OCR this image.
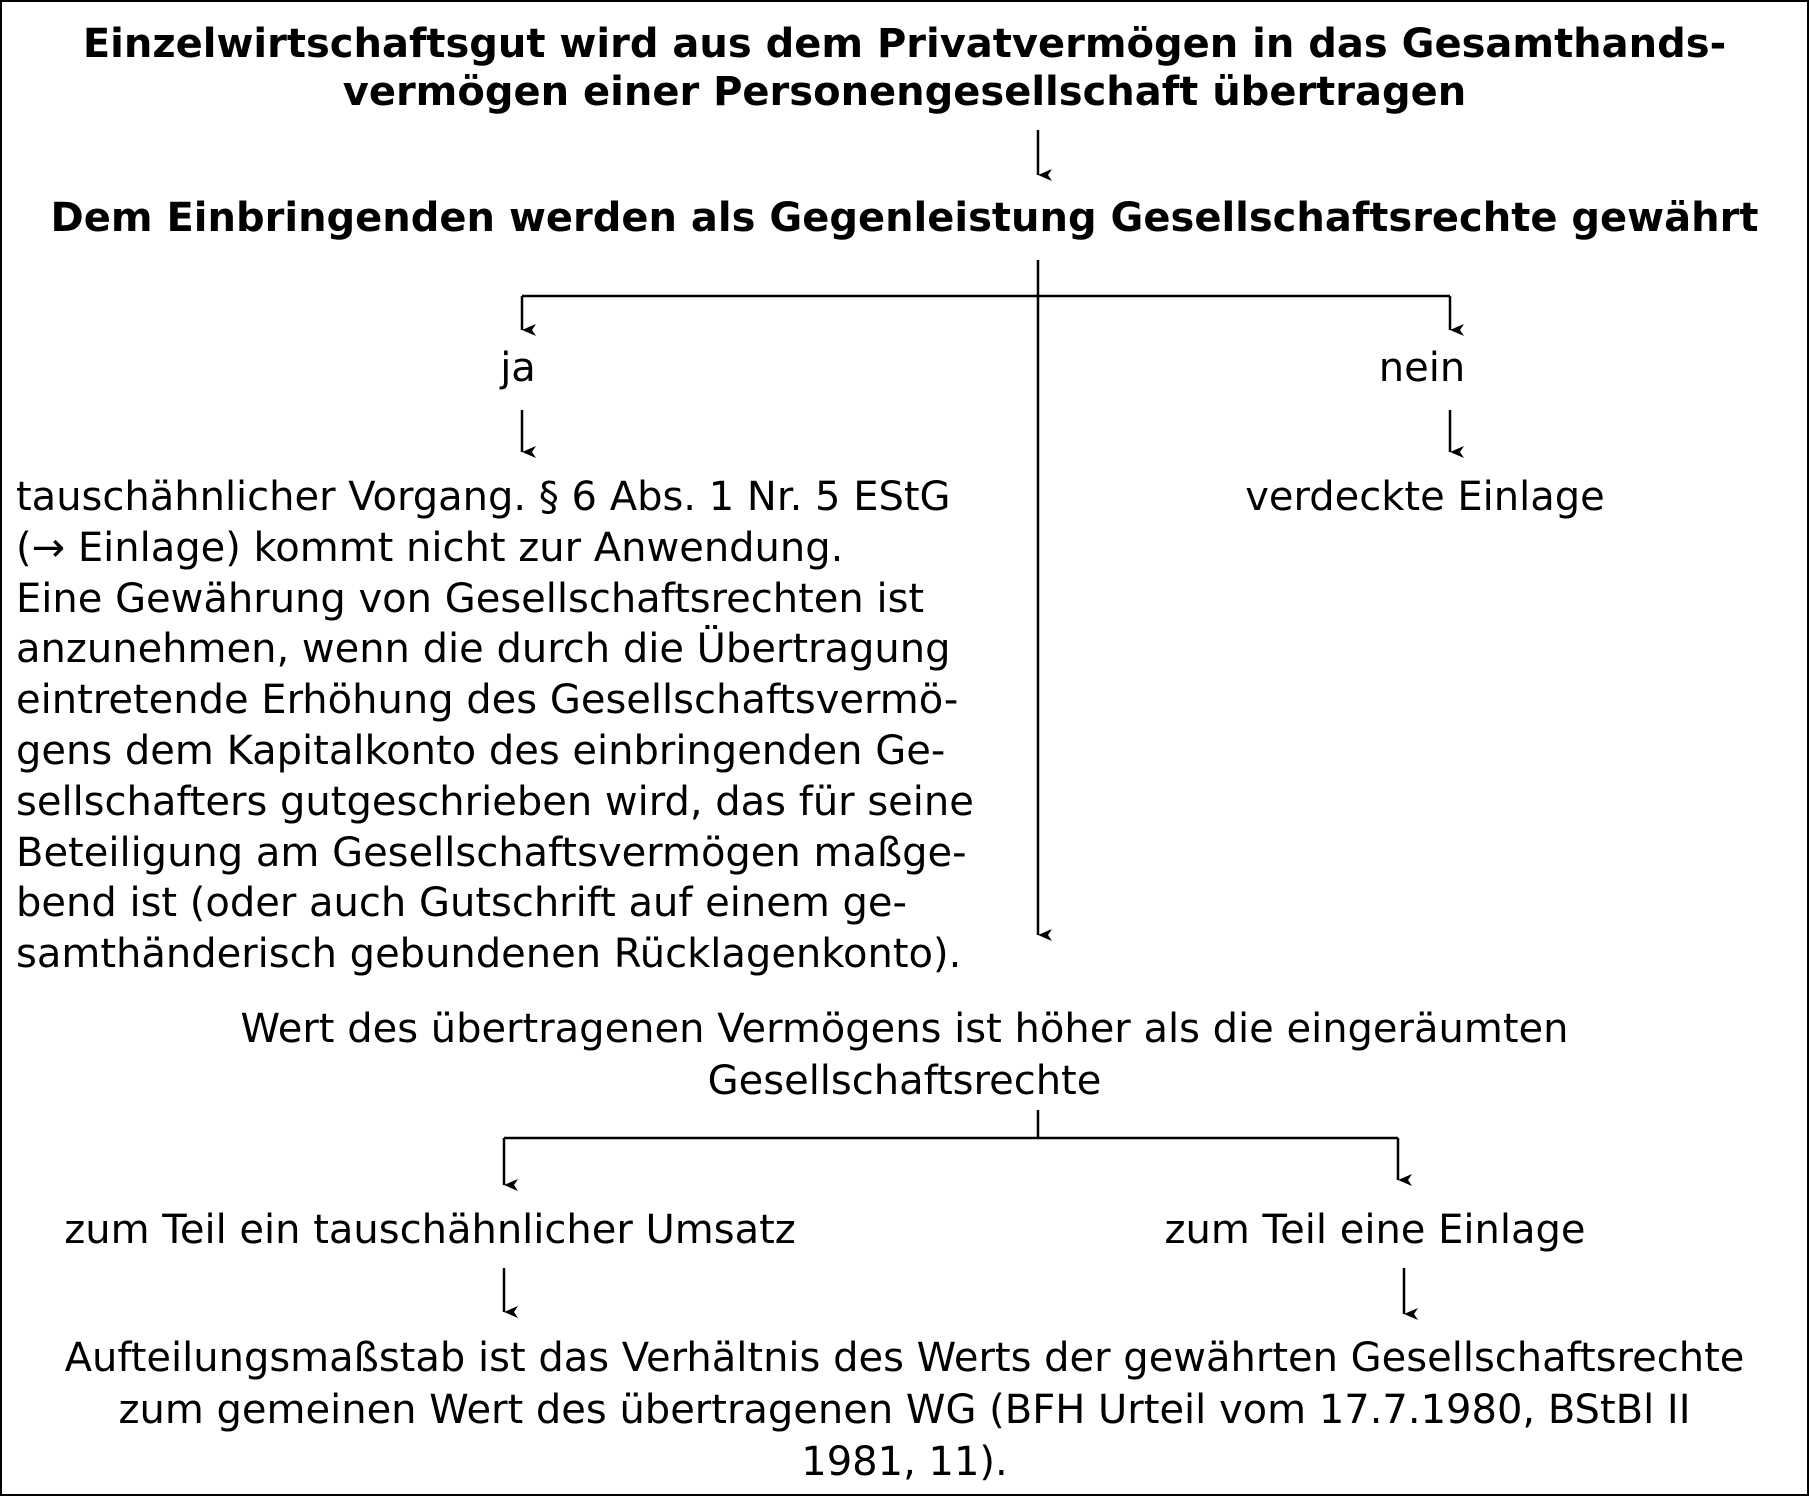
Einzelwirtschaftsgut wird aus dem Privatvermögen in das Gesamthands-

vermögen einer Personengesellschaft übertragen

Dem Einbringenden werden als Gegenleistung Gesellschaftsrechte gewährt

ja	nein

tauschähnlicher Vorgang. § 6 Abs. 1 Nr. 5 EStG
(→ Einlage) kommt nicht zur Anwendung.
Eine Gewährung von Gesellschaftsrechten ist
anzunehmen, wenn die durch die Übertragung
eintretende Erhöhung des Gesellschaftsvermö-
gens dem Kapitalkonto des einbringenden Ge-
sellschafters gutgeschrieben wird, das für seine
Beteiligung am Gesellschaftsvermögen maßge-
bend ist (oder auch Gutschrift auf einem ge-
samthänderisch gebundenen Rücklagenkonto).

verdeckte Einlage

Wert des übertragenen Vermögens ist höher als die eingeräumten
Gesellschaftsrechte

zum Teil ein tauschähnlicher Umsatz	zum Teil eine Einlage

Aufteilungsmaßstab ist das Verhältnis des Werts der gewährten Gesellschaftsrechte
zum gemeinen Wert des übertragenen WG (BFH Urteil vom 17.7.1980, BStBl II
1981, 11).
